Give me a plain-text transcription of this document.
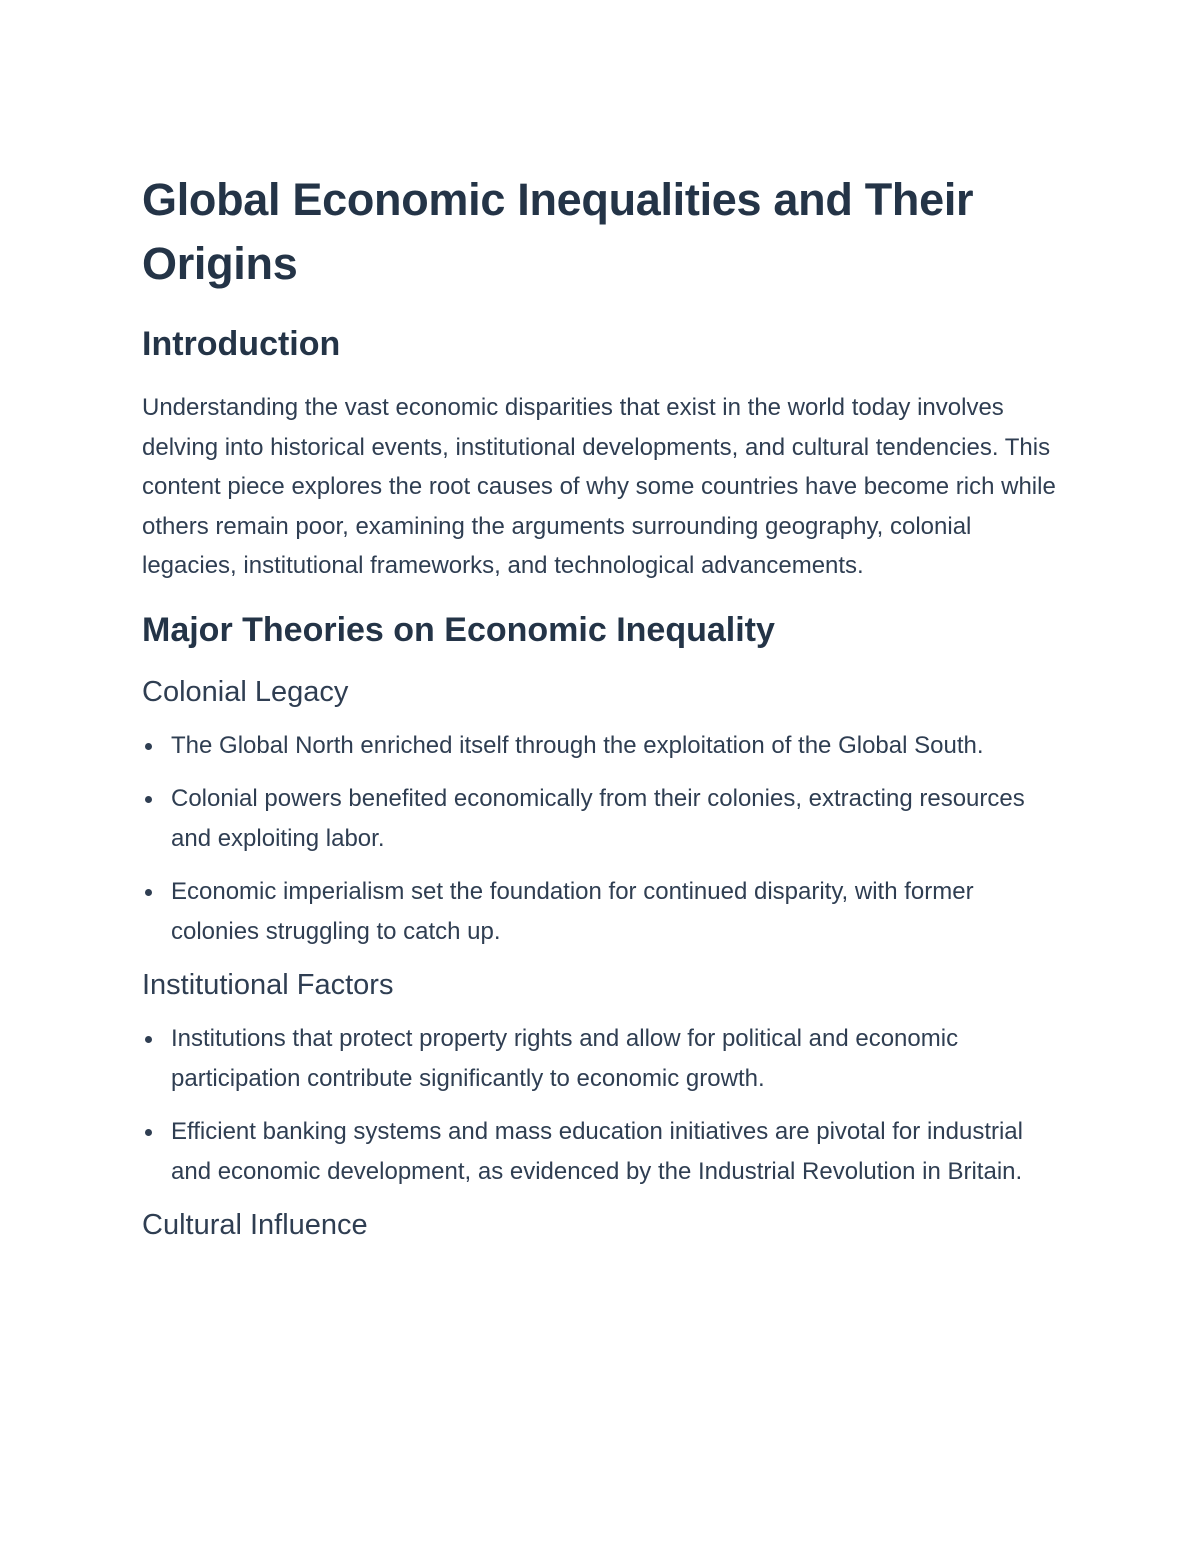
Global Economic Inequalities and Their Origins
Introduction

Understanding the vast economic disparities that exist in the world today involves delving into historical events, institutional developments, and cultural tendencies. This content piece explores the root causes of why some countries have become rich while others remain poor, examining the arguments surrounding geography, colonial legacies, institutional frameworks, and technological advancements.

Major Theories on Economic Inequality
Colonial Legacy
The Global North enriched itself through the exploitation of the Global South.
Colonial powers benefited economically from their colonies, extracting resources and exploiting labor.
Economic imperialism set the foundation for continued disparity, with former colonies struggling to catch up.
Institutional Factors
Institutions that protect property rights and allow for political and economic participation contribute significantly to economic growth.
Efficient banking systems and mass education initiatives are pivotal for industrial and economic development, as evidenced by the Industrial Revolution in Britain.
Cultural Influence
